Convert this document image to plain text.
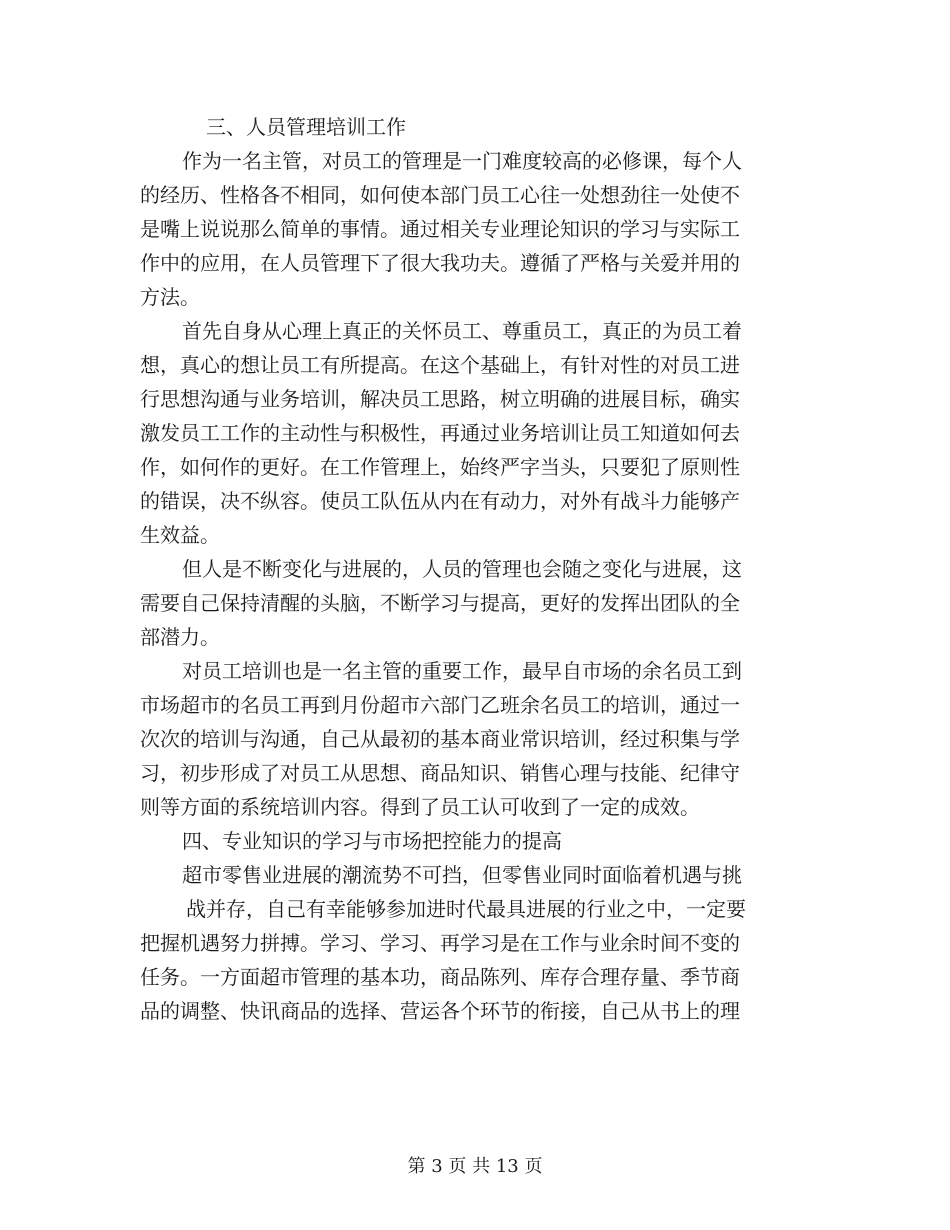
　三、人员管理培训工作
作为一名主管，对员工的管理是一门难度较高的必修课，每个人
的经历、性格各不相同，如何使本部门员工心往一处想劲往一处使不
是嘴上说说那么简单的事情。通过相关专业理论知识的学习与实际工
作中的应用，在人员管理下了很大我功夫。遵循了严格与关爱并用的
方法。
首先自身从心理上真正的关怀员工、尊重员工，真正的为员工着
想，真心的想让员工有所提高。在这个基础上，有针对性的对员工进
行思想沟通与业务培训，解决员工思路，树立明确的进展目标，确实
激发员工工作的主动性与积极性，再通过业务培训让员工知道如何去
作，如何作的更好。在工作管理上，始终严字当头，只要犯了原则性
的错误，决不纵容。使员工队伍从内在有动力，对外有战斗力能够产
生效益。
但人是不断变化与进展的，人员的管理也会随之变化与进展，这
需要自己保持清醒的头脑，不断学习与提高，更好的发挥出团队的全
部潜力。
对员工培训也是一名主管的重要工作，最早自市场的余名员工到
市场超市的名员工再到月份超市六部门乙班余名员工的培训，通过一
次次的培训与沟通，自己从最初的基本商业常识培训，经过积集与学
习，初步形成了对员工从思想、商品知识、销售心理与技能、纪律守
则等方面的系统培训内容。得到了员工认可收到了一定的成效。
四、专业知识的学习与市场把控能力的提高
超市零售业进展的潮流势不可挡，但零售业同时面临着机遇与挑
战并存，自己有幸能够参加进时代最具进展的行业之中，一定要
把握机遇努力拼搏。学习、学习、再学习是在工作与业余时间不变的
任务。一方面超市管理的基本功，商品陈列、库存合理存量、季节商
品的调整、快讯商品的选择、营运各个环节的衔接，自己从书上的理
第 3 页 共 13 页
